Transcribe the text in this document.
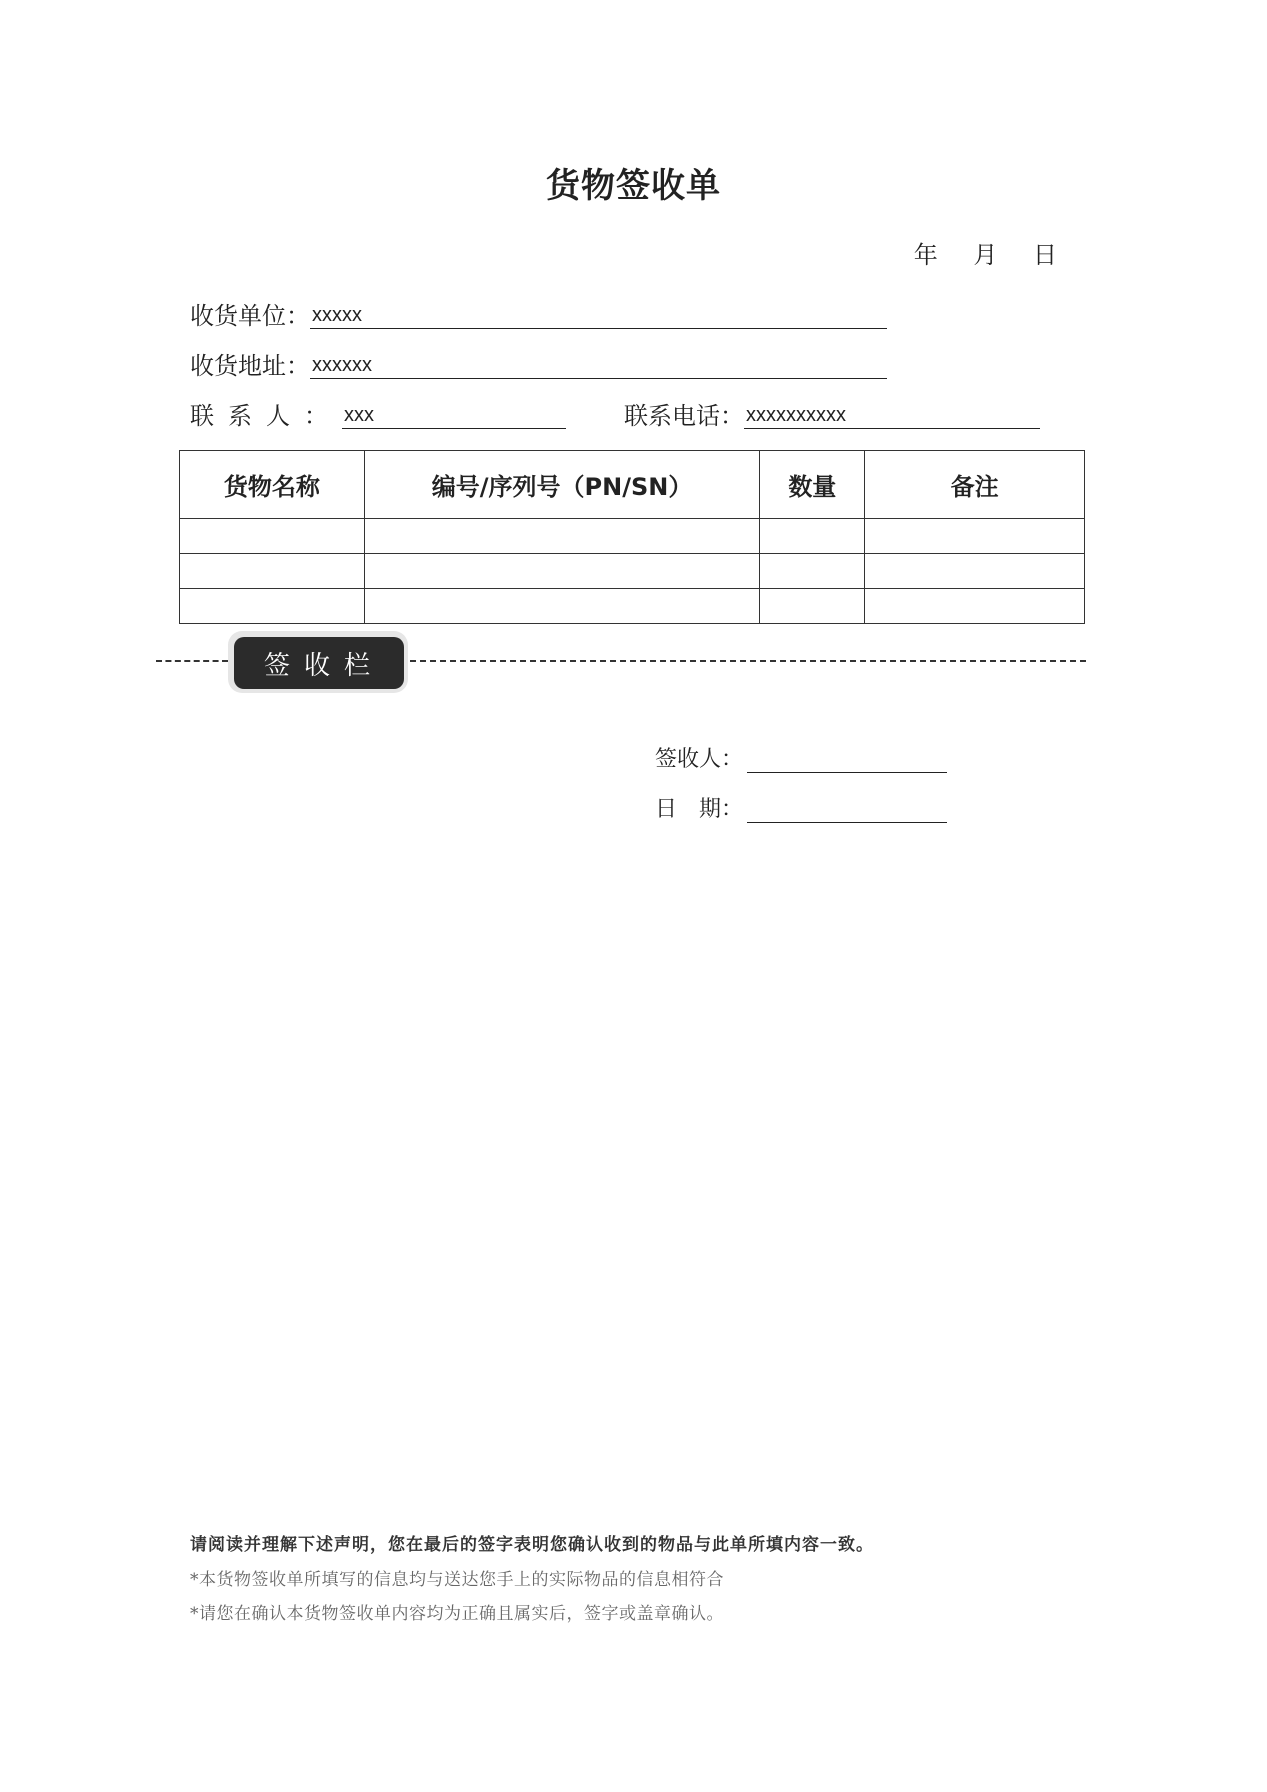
货物签收单
年 月 日
收货单位： xxxxx
收货地址： xxxxxx
联系人： xxx	联系电话： xxxxxxxxxx
货物名称	编号/序列号（PN/SN）	数量	备注

签收栏
签收人：
日　期：
请阅读并理解下述声明，您在最后的签字表明您确认收到的物品与此单所填内容一致。
*本货物签收单所填写的信息均与送达您手上的实际物品的信息相符合
*请您在确认本货物签收单内容均为正确且属实后，签字或盖章确认。
